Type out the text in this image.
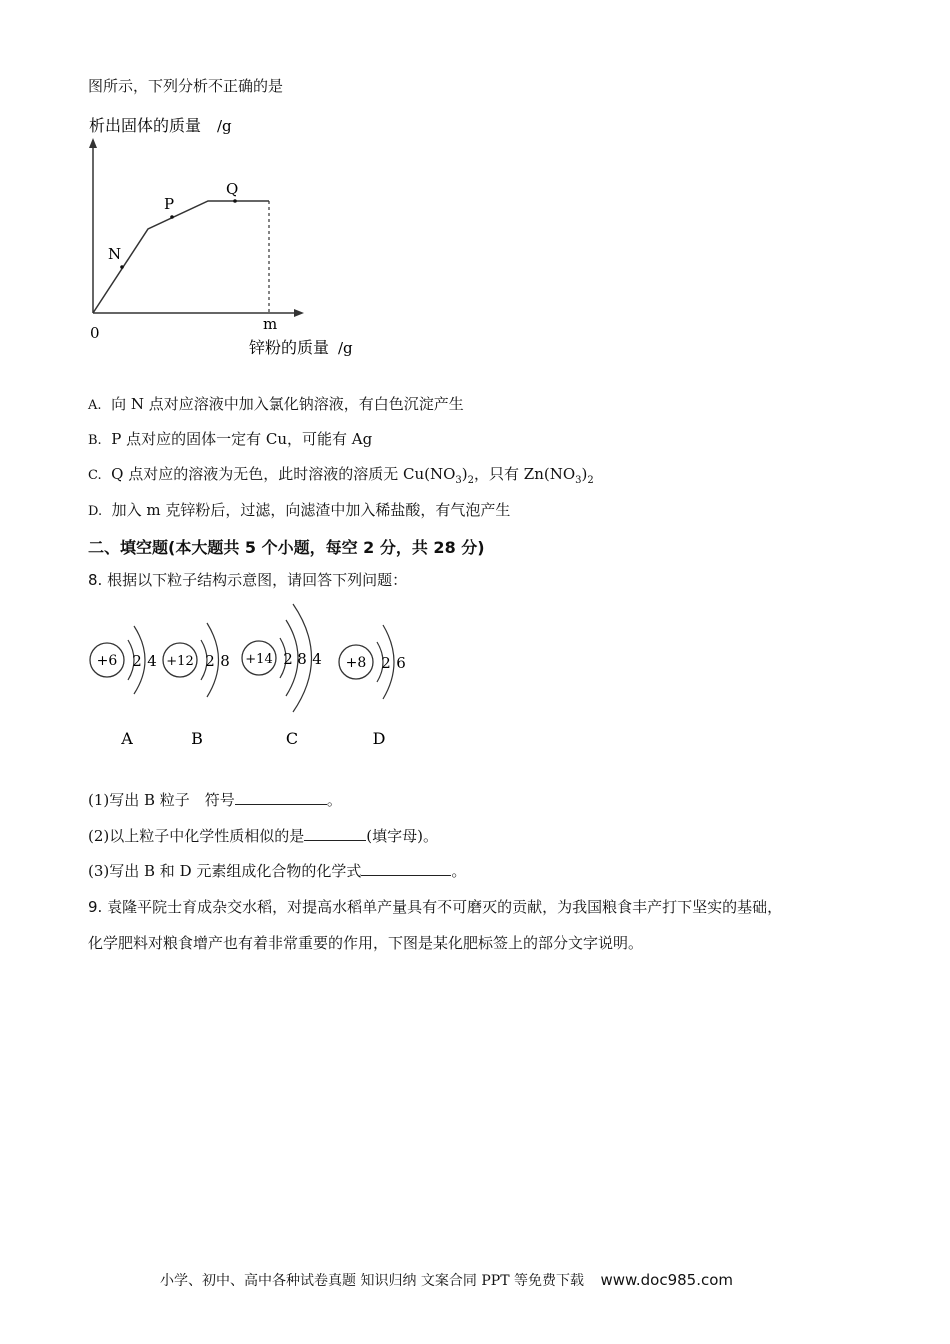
图所示，下列分析不正确的是
析出固体的质量 /g
N
P
Q
0	m
锌粉的质量 /g
A. 向 N 点对应溶液中加入氯化钠溶液，有白色沉淀产生
B. P 点对应的固体一定有 Cu，可能有 Ag
C. Q 点对应的溶液为无色，此时溶液的溶质无 $Cu(NO_3)_2$，只有 $Zn(NO_3)_2$
D. 加入 m 克锌粉后，过滤，向滤渣中加入稀盐酸，有气泡产生
二、填空题(本大题共 5 个小题，每空 2 分，共 28 分)
8. 根据以下粒子结构示意图，请回答下列问题：
+6 2 4
A
+12 2 8
B
+14 2 8 4
C
+8 2 6
D
(1)写出 B 粒子　符号	。
(2)以上粒子中化学性质相似的是	(填字母)。
(3)写出 B 和 D 元素组成化合物的化学式	。
9. 袁隆平院士育成杂交水稻，对提高水稻单产量具有不可磨灭的贡献，为我国粮食丰产打下坚实的基础，
化学肥料对粮食增产也有着非常重要的作用，下图是某化肥标签上的部分文字说明。
小学、初中、高中各种试卷真题 知识归纳 文案合同 PPT 等免费下载 www.doc985.com
